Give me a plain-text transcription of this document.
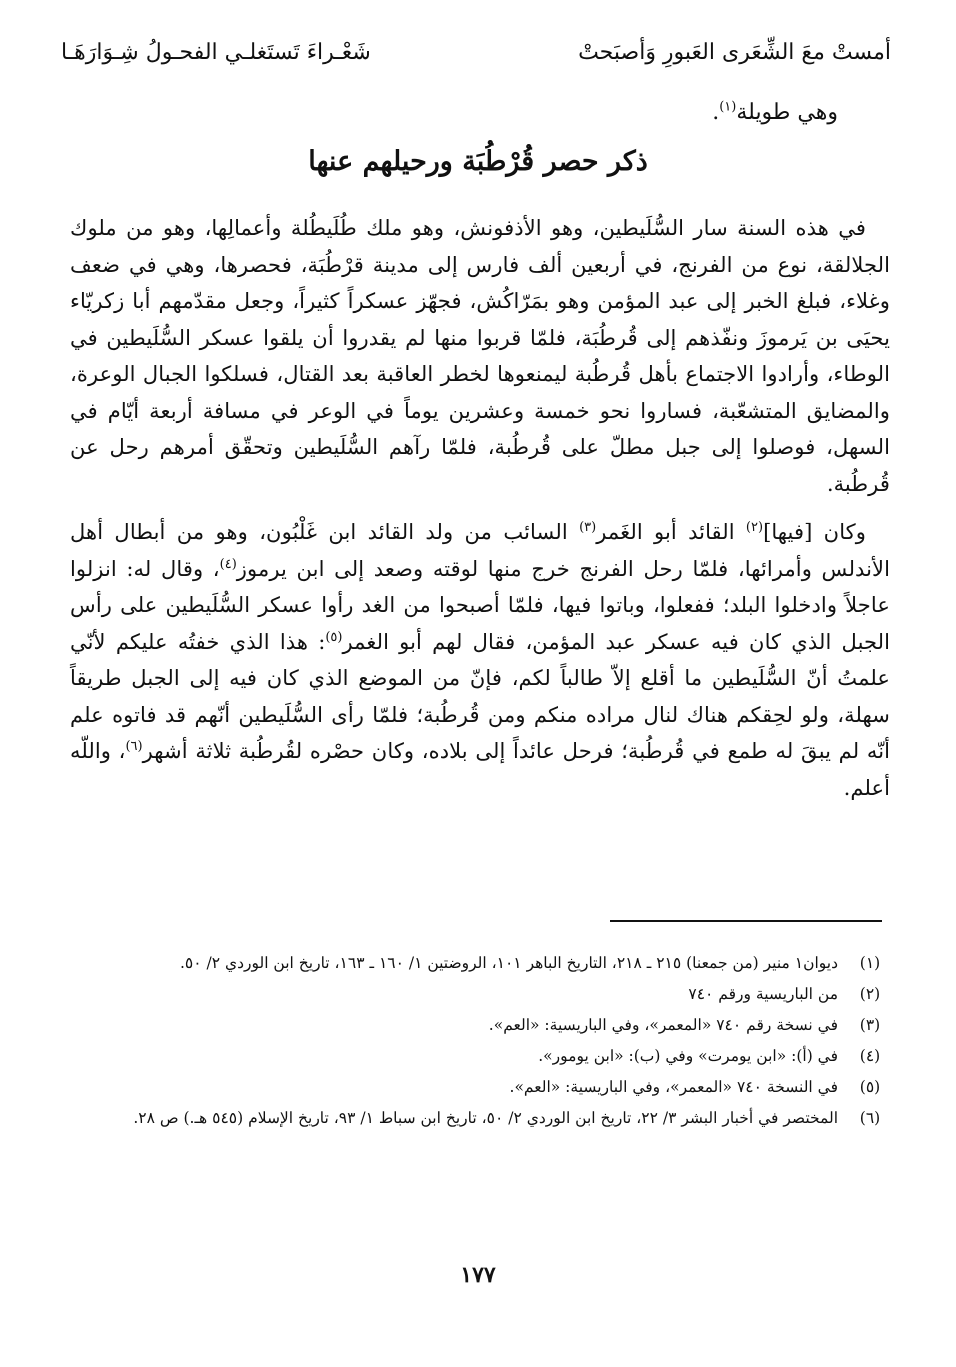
أمستْ معَ الشِّعَرى العَبورِ وَأصبَحتْ
شَعْـراءَ تَستَغلـي الفحـولُ شِـوَارَهَـا
وهي طويلة$^{(١)}$.
ذكر حصر قُرْطُبَة ورحيلهم عنها

في هذه السنة سار السُّلَيطين، وهو الأذفونش، وهو ملك طُلَيطُلة وأعمالِها، وهو من ملوك الجلالقة، نوع من الفرنج، في أربعين ألف فارس إلى مدينة قرْطُبَة، فحصرها، وهي في ضعف وغلاء، فبلغ الخبر إلى عبد المؤمن وهو بمَرّاكُش، فجهّز عسكراً كثيراً، وجعل مقدّمهم أبا زكريّاء يحيَى بن يَرموزَ ونفّذهم إلى قُرطُبَة، فلمّا قربوا منها لم يقدروا أن يلقوا عسكر السُّلَيطين في الوطاء، وأرادوا الاجتماع بأهل قُرطُبة ليمنعوها لخطر العاقبة بعد القتال، فسلكوا الجبال الوعرة، والمضايق المتشعّبة، فساروا نحو خمسة وعشرين يوماً في الوعر في مسافة أربعة أيّام في السهل، فوصلوا إلى جبل مطلّ على قُرطُبة، فلمّا رآهم السُّلَيطين وتحقّق أمرهم رحل عن قُرطُبة.

وكان [فيها]$^{(٢)}$ القائد أبو الغَمر$^{(٣)}$ السائب من ولد القائد ابن غَلْبُون، وهو من أبطال أهل الأندلس وأمرائها، فلمّا رحل الفرنج خرج منها لوقته وصعد إلى ابن يرموز$^{(٤)}$، وقال له: انزلوا عاجلاً وادخلوا البلد؛ ففعلوا، وباتوا فيها، فلمّا أصبحوا من الغد رأوا عسكر السُّلَيطين على رأس الجبل الذي كان فيه عسكر عبد المؤمن، فقال لهم أبو الغمر$^{(٥)}$: هذا الذي خفتُه عليكم لأنّي علمتُ أنّ السُّلَيطين ما أقلع إلاّ طالباً لكم، فإنّ من الموضع الذي كان فيه إلى الجبل طريقاً سهلة، ولو لحِقكم هناك لنال مراده منكم ومن قُرطُبة؛ فلمّا رأى السُّلَيطين أنّهم قد فاتوه علم أنّه لم يبقَ له طمع في قُرطُبة؛ فرحل عائداً إلى بلاده، وكان حصْره لقُرطُبة ثلاثة أشهر$^{(٦)}$، واللّه أعلم.

(١)
ديوان١ منير (من جمعنا) ٢١٥ ـ ٢١٨، التاريخ الباهر ١٠١، الروضتين ١/ ١٦٠ ـ ١٦٣، تاريخ ابن الوردي ٢/ ٥٠.
(٢)
من الباريسية ورقم ٧٤٠
(٣)
في نسخة رقم ٧٤٠ «المعمر»، وفي الباريسية: «العم».
(٤)
في (أ): «ابن يومرت» وفي (ب): «ابن يومور».
(٥)
في النسخة ٧٤٠ «المعمر»، وفي الباريسية: «العم».
(٦)
المختصر في أخبار البشر ٣/ ٢٢، تاريخ ابن الوردي ٢/ ٥٠، تاريخ ابن سباط ١/ ٩٣، تاريخ الإسلام (٥٤٥ هـ.) ص ٢٨.
١٧٧
